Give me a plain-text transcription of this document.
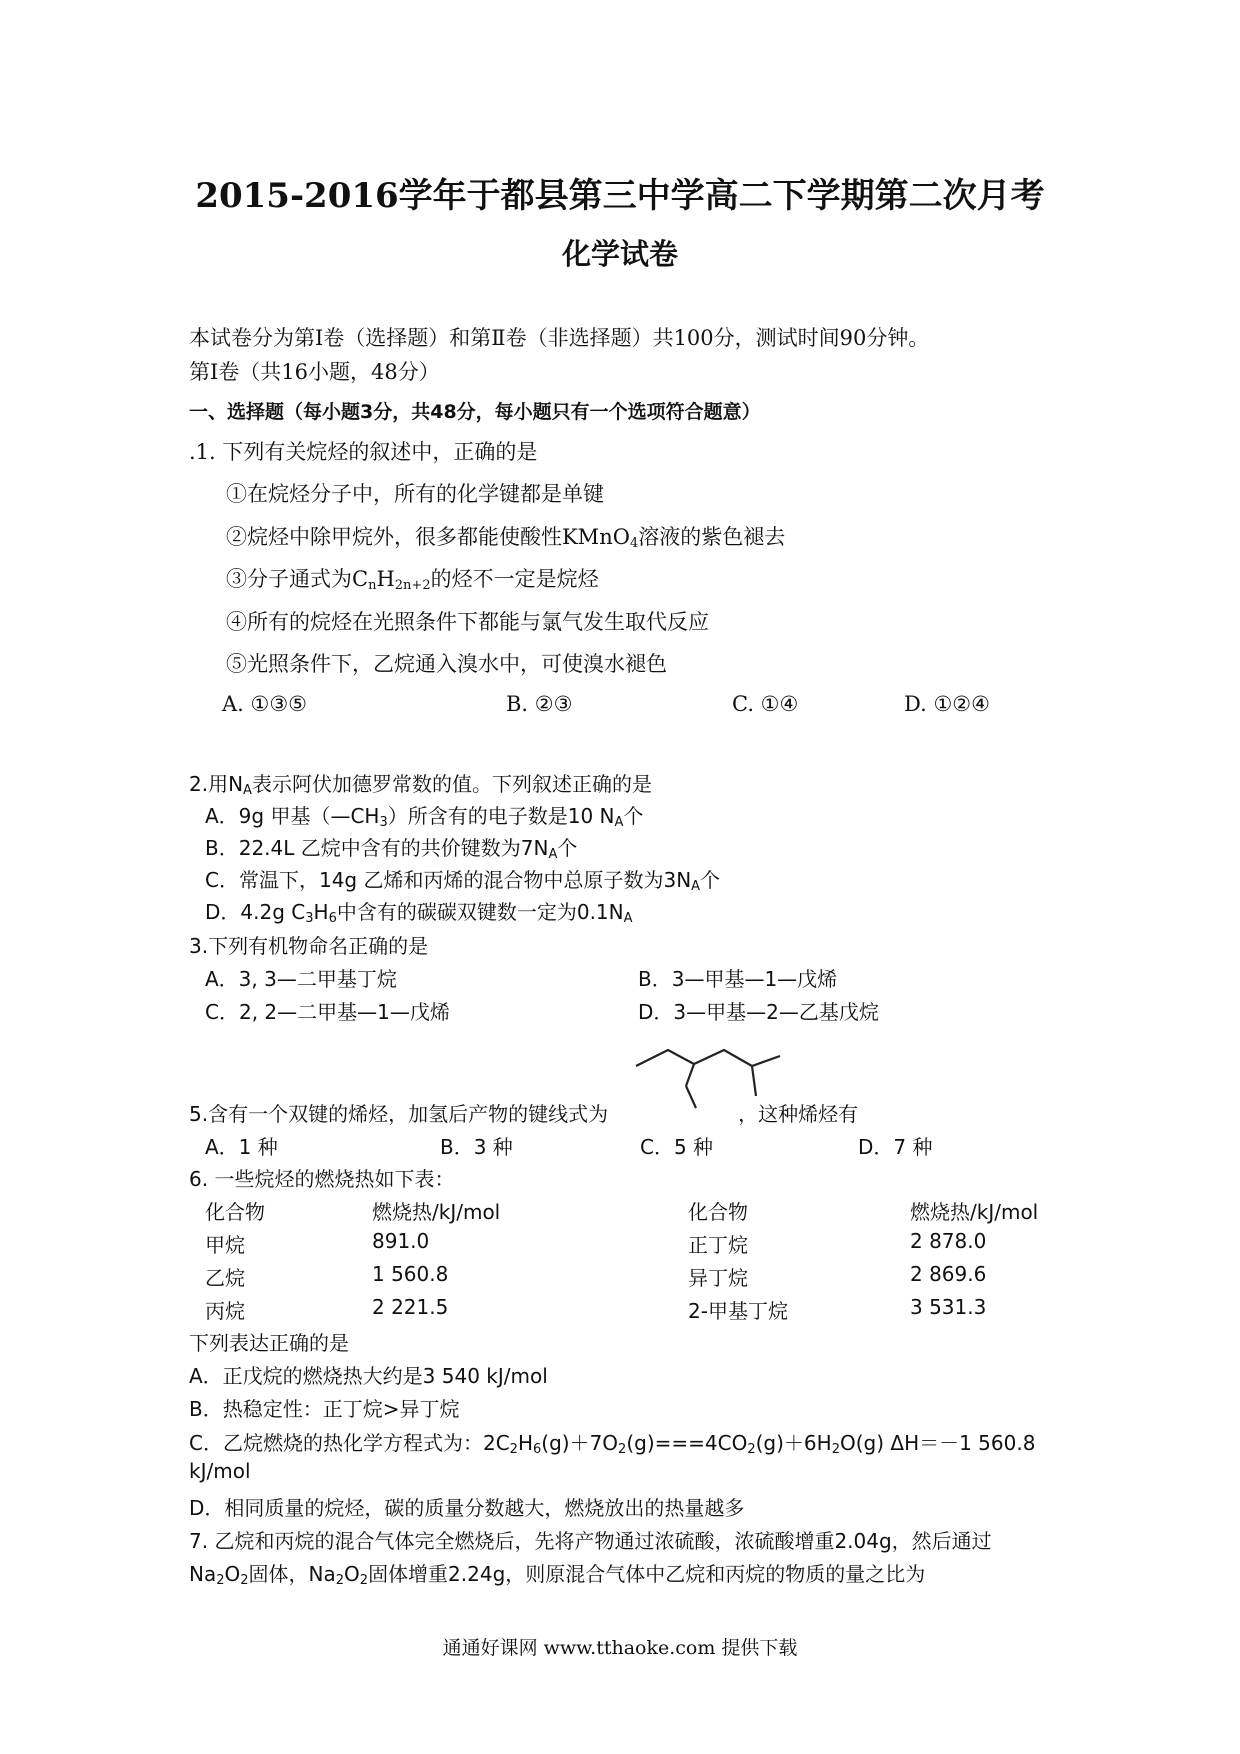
2015-2016学年于都县第三中学高二下学期第二次月考
化学试卷
本试卷分为第Ⅰ卷（选择题）和第Ⅱ卷（非选择题）共100分，测试时间90分钟。
第Ⅰ卷（共16小题，48分）
一、选择题（每小题3分，共48分，每小题只有一个选项符合题意）
.1. 下列有关烷烃的叙述中，正确的是
①在烷烃分子中，所有的化学键都是单键
②烷烃中除甲烷外，很多都能使酸性KMnO$_4$溶液的紫色褪去
③分子通式为$C_nH_{2n+2}$的烃不一定是烷烃
④所有的烷烃在光照条件下都能与氯气发生取代反应
⑤光照条件下，乙烷通入溴水中，可使溴水褪色
A. ①③⑤	B. ②③	C. ①④	D. ①②④
2.用$N_A$表示阿伏加德罗常数的值。下列叙述正确的是
A．9g 甲基$(—CH_3)$所含有的电子数是10 $N_A$个
B．22.4L 乙烷中含有的共价键数为$7N_A$个
C．常温下，14g 乙烯和丙烯的混合物中总原子数为$3N_A$个
D．4.2g $C_3H_6$中含有的碳碳双键数一定为$0.1N_A$
3.下列有机物命名正确的是
A．3, 3—二甲基丁烷	B．3—甲基—1—戊烯
C．2, 2—二甲基—1—戊烯	D．3—甲基—2—乙基戊烷
5.含有一个双键的烯烃，加氢后产物的键线式为	，这种烯烃有
A．1 种	B．3 种	C．5 种	D．7 种
6. 一些烷烃的燃烧热如下表：
化合物	燃烧热/kJ/mol	化合物	燃烧热/kJ/mol
甲烷	891.0	正丁烷	2 878.0
乙烷	1 560.8	异丁烷	2 869.6
丙烷	2 221.5	2-甲基丁烷	3 531.3
下列表达正确的是
A．正戊烷的燃烧热大约是3 540 kJ/mol
B．热稳定性：正丁烷>异丁烷
C．乙烷燃烧的热化学方程式为：$2C_2H_6(g)+7O_2(g)===4CO_2(g)+6H_2O(g)$ ΔH＝－1 560.8
kJ/mol
D．相同质量的烷烃，碳的质量分数越大，燃烧放出的热量越多
7. 乙烷和丙烷的混合气体完全燃烧后，先将产物通过浓硫酸，浓硫酸增重2.04g，然后通过
$Na_2O_2$固体，$Na_2O_2$固体增重2.24g，则原混合气体中乙烷和丙烷的物质的量之比为
通通好课网 www.tthaoke.com 提供下载
